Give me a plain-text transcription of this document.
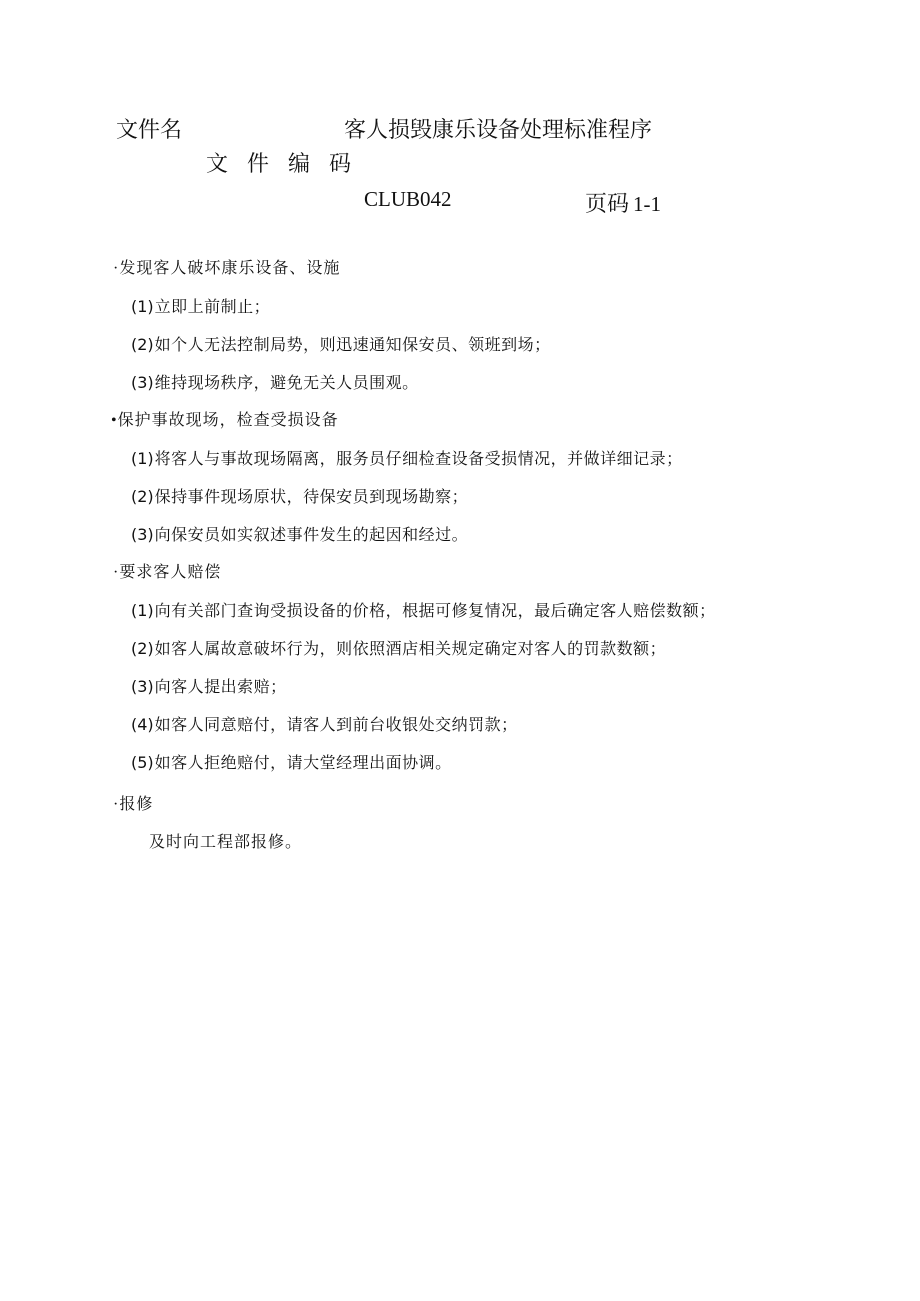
文件名	客人损毁康乐设备处理标准程序
文 件 编 码
CLUB042	页码 1-1
·发现客人破坏康乐设备、设施
(1)立即上前制止；
(2)如个人无法控制局势，则迅速通知保安员、领班到场；
(3)维持现场秩序，避免无关人员围观。
•保护事故现场，检查受损设备
(1)将客人与事故现场隔离，服务员仔细检查设备受损情况，并做详细记录；
(2)保持事件现场原状，待保安员到现场勘察；
(3)向保安员如实叙述事件发生的起因和经过。
·要求客人赔偿
(1)向有关部门查询受损设备的价格，根据可修复情况，最后确定客人赔偿数额；
(2)如客人属故意破坏行为，则依照酒店相关规定确定对客人的罚款数额；
(3)向客人提出索赔；
(4)如客人同意赔付，请客人到前台收银处交纳罚款；
(5)如客人拒绝赔付，请大堂经理出面协调。
·报修
及时向工程部报修。
